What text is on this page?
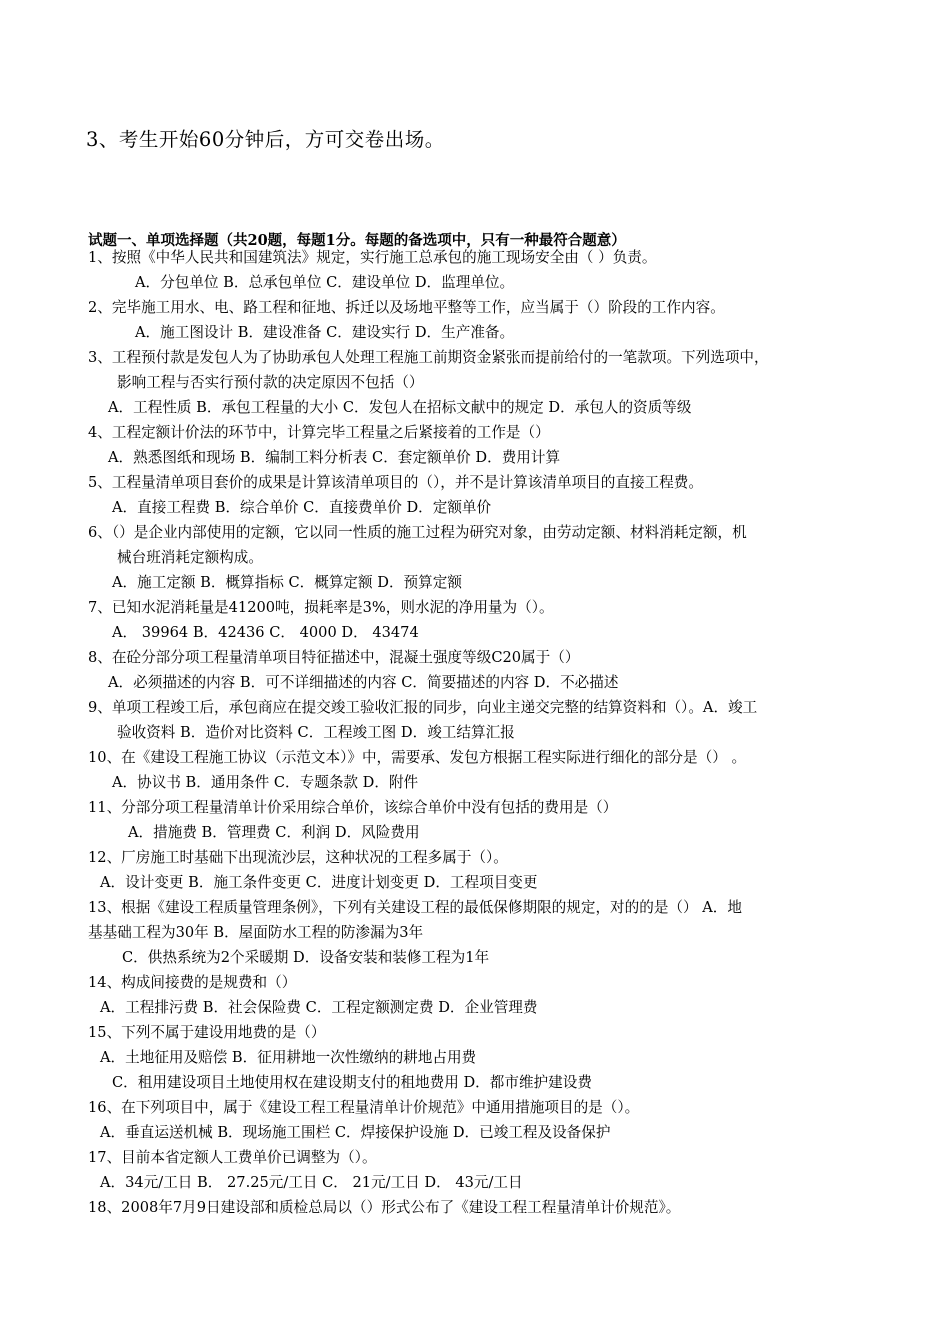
3、考生开始60分钟后，方可交卷出场。
试题一、单项选择题（共20题，每题1分。每题的备选项中，只有一种最符合题意）
1、按照《中华人民共和国建筑法》规定，实行施工总承包的施工现场安全由（ ）负责。
A．分包单位 B．总承包单位 C．建设单位 D．监理单位。
2、完毕施工用水、电、路工程和征地、拆迁以及场地平整等工作，应当属于（）阶段的工作内容。
A．施工图设计 B．建设准备 C．建设实行 D．生产准备。
3、工程预付款是发包人为了协助承包人处理工程施工前期资金紧张而提前给付的一笔款项。下列选项中，
影响工程与否实行预付款的决定原因不包括（）
A．工程性质 B．承包工程量的大小 C．发包人在招标文献中的规定 D．承包人的资质等级
4、工程定额计价法的环节中，计算完毕工程量之后紧接着的工作是（）
A．熟悉图纸和现场 B．编制工料分析表 C．套定额单价 D．费用计算
5、工程量清单项目套价的成果是计算该清单项目的（），并不是计算该清单项目的直接工程费。
A．直接工程费 B．综合单价 C．直接费单价 D．定额单价
6、（）是企业内部使用的定额，它以同一性质的施工过程为研究对象，由劳动定额、材料消耗定额，机
械台班消耗定额构成。
A．施工定额 B．概算指标 C．概算定额 D．预算定额
7、已知水泥消耗量是41200吨，损耗率是3%，则水泥的净用量为（）。
A． 39964 B．42436 C． 4000 D． 43474
8、在砼分部分项工程量清单项目特征描述中，混凝土强度等级C20属于（）
A．必须描述的内容 B．可不详细描述的内容 C．简要描述的内容 D．不必描述
9、单项工程竣工后，承包商应在提交竣工验收汇报的同步，向业主递交完整的结算资料和（）。A．竣工
验收资料 B．造价对比资料 C．工程竣工图 D．竣工结算汇报
10、在《建设工程施工协议（示范文本）》中，需要承、发包方根据工程实际进行细化的部分是（） 。
A．协议书 B．通用条件 C．专题条款 D．附件
11、分部分项工程量清单计价采用综合单价，该综合单价中没有包括的费用是（）
A．措施费 B．管理费 C．利润 D．风险费用
12、厂房施工时基础下出现流沙层，这种状况的工程多属于（）。
A．设计变更 B．施工条件变更 C．进度计划变更 D．工程项目变更
13、根据《建设工程质量管理条例》，下列有关建设工程的最低保修期限的规定，对的的是（） A．地
基基础工程为30年 B．屋面防水工程的防渗漏为3年
C．供热系统为2个采暖期 D．设备安装和装修工程为1年
14、构成间接费的是规费和（）
A．工程排污费 B．社会保险费 C．工程定额测定费 D．企业管理费
15、下列不属于建设用地费的是（）
A．土地征用及赔偿 B．征用耕地一次性缴纳的耕地占用费
C．租用建设项目土地使用权在建设期支付的租地费用 D．都市维护建设费
16、在下列项目中，属于《建设工程工程量清单计价规范》中通用措施项目的是（）。
A．垂直运送机械 B．现场施工围栏 C．焊接保护设施 D．已竣工程及设备保护
17、目前本省定额人工费单价已调整为（）。
A．34元/工日 B． 27.25元/工日 C． 21元/工日 D． 43元/工日
18、2008年7月9日建设部和质检总局以（）形式公布了《建设工程工程量清单计价规范》。
